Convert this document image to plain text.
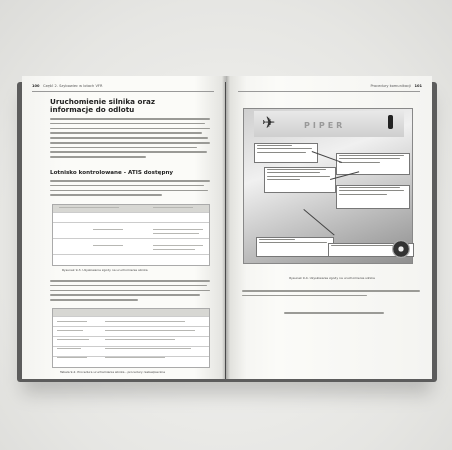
100 Część 2. Szybowiec w lotach VFR
Uruchomienie silnika oraz informacje do odlotu
Lotnisko kontrolowane - ATIS dostępny

Rysunek 9-3. Uzyskiwanie zgody na uruchomienie silnika

Tabela 9-2. Procedura uruchamiania silnika - procedury niebezpieczne

Procedury komunikacji 101

Rysunek 9-4. Uzyskiwanie zgody na uruchomienie silnika

✈	PIPER
